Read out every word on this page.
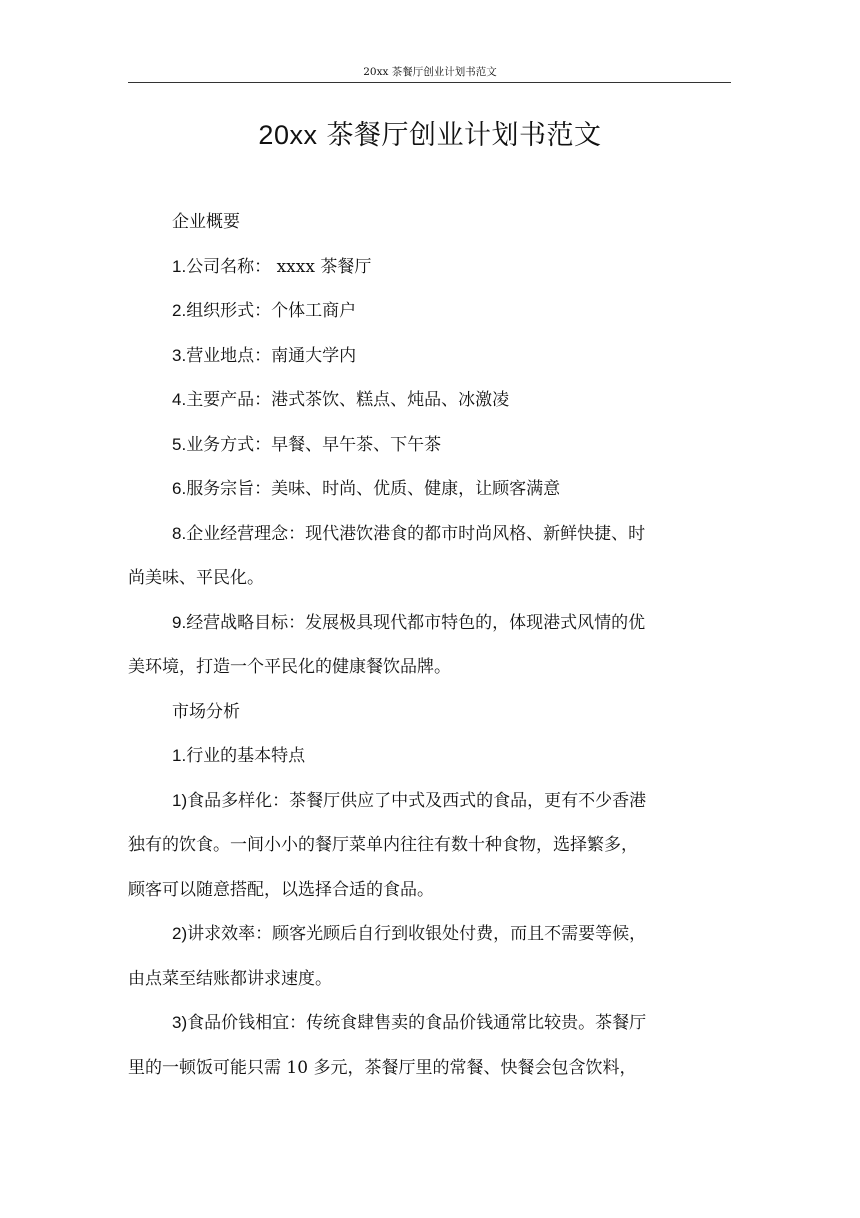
20xx 茶餐厅创业计划书范文
20xx 茶餐厅创业计划书范文

企业概要

1.公司名称： xxxx 茶餐厅

2.组织形式：个体工商户

3.营业地点：南通大学内

4.主要产品：港式茶饮、糕点、炖品、冰激凌

5.业务方式：早餐、早午茶、下午茶

6.服务宗旨：美味、时尚、优质、健康，让顾客满意

8.企业经营理念：现代港饮港食的都市时尚风格、新鲜快捷、时

尚美味、平民化。

9.经营战略目标：发展极具现代都市特色的，体现港式风情的优

美环境，打造一个平民化的健康餐饮品牌。

市场分析

1.行业的基本特点

1)食品多样化：茶餐厅供应了中式及西式的食品，更有不少香港

独有的饮食。一间小小的餐厅菜单内往往有数十种食物，选择繁多，

顾客可以随意搭配，以选择合适的食品。

2)讲求效率：顾客光顾后自行到收银处付费，而且不需要等候，

由点菜至结账都讲求速度。

3)食品价钱相宜：传统食肆售卖的食品价钱通常比较贵。茶餐厅

里的一顿饭可能只需 10 多元，茶餐厅里的常餐、快餐会包含饮料，
